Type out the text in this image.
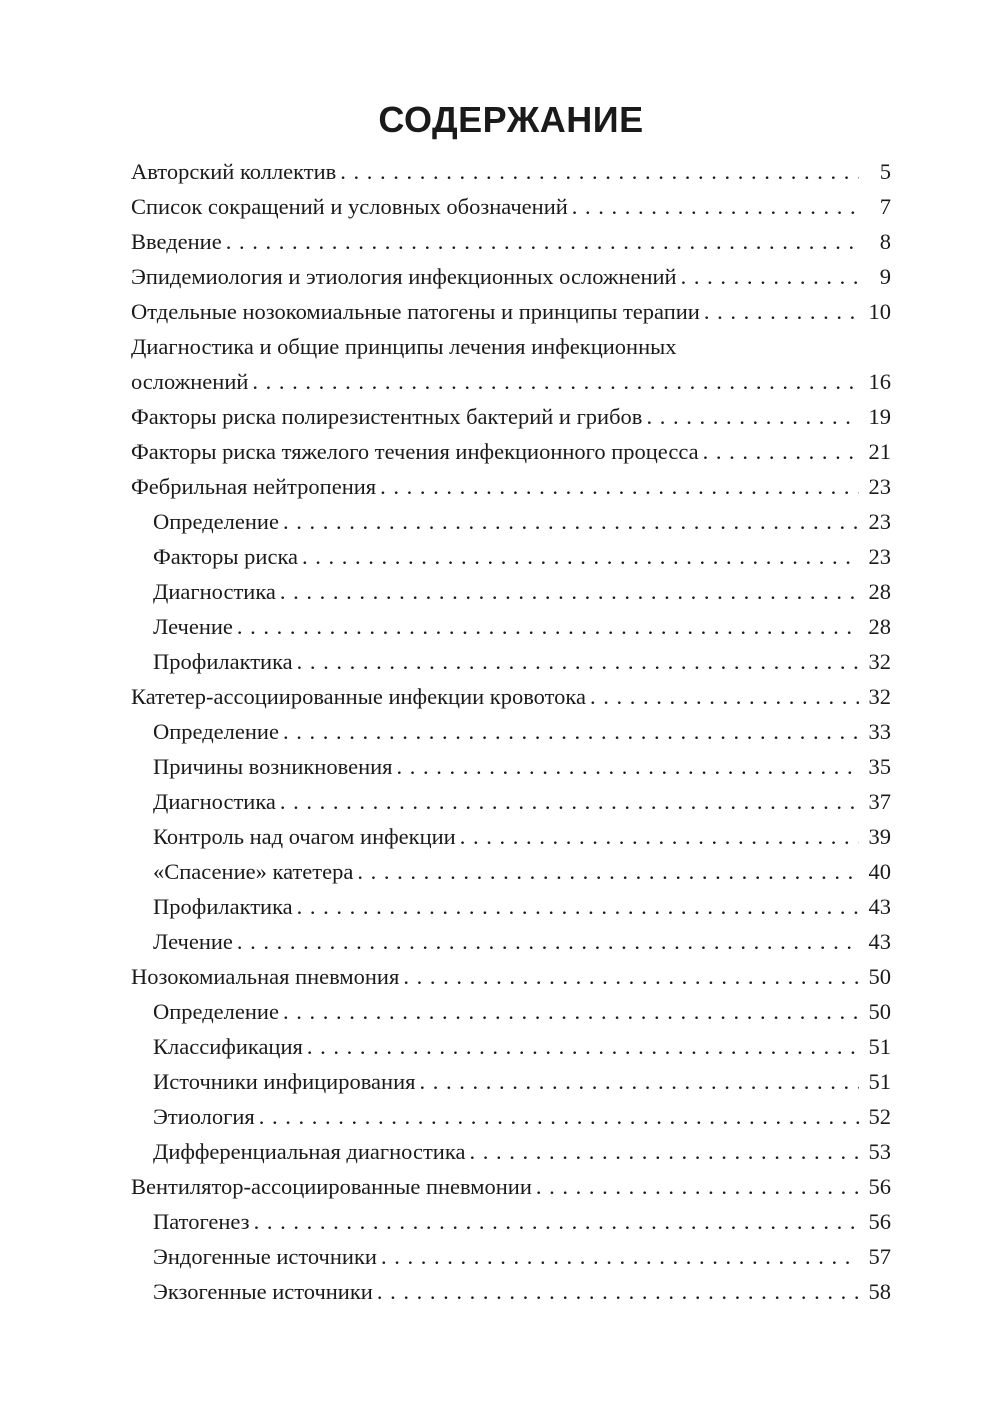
СОДЕРЖАНИЕ
Авторский коллектив . . .	5
Список сокращений и условных обозначений . . .	7
Введение . . .	8
Эпидемиология и этиология инфекционных осложнений . . .	9
Отдельные нозокомиальные патогены и принципы терапии . . .	10
Диагностика и общие принципы лечения инфекционных
осложнений . . .	16
Факторы риска полирезистентных бактерий и грибов . . .	19
Факторы риска тяжелого течения инфекционного процесса . . .	21
Фебрильная нейтропения . . .	23
Определение . . .	23
Факторы риска . . .	23
Диагностика . . .	28
Лечение . . .	28
Профилактика . . .	32
Катетер-ассоциированные инфекции кровотока . . .	32
Определение . . .	33
Причины возникновения . . .	35
Диагностика . . .	37
Контроль над очагом инфекции . . .	39
«Спасение» катетера . . .	40
Профилактика . . .	43
Лечение . . .	43
Нозокомиальная пневмония . . .	50
Определение . . .	50
Классификация . . .	51
Источники инфицирования . . .	51
Этиология . . .	52
Дифференциальная диагностика . . .	53
Вентилятор-ассоциированные пневмонии . . .	56
Патогенез . . .	56
Эндогенные источники . . .	57
Экзогенные источники . . .	58
